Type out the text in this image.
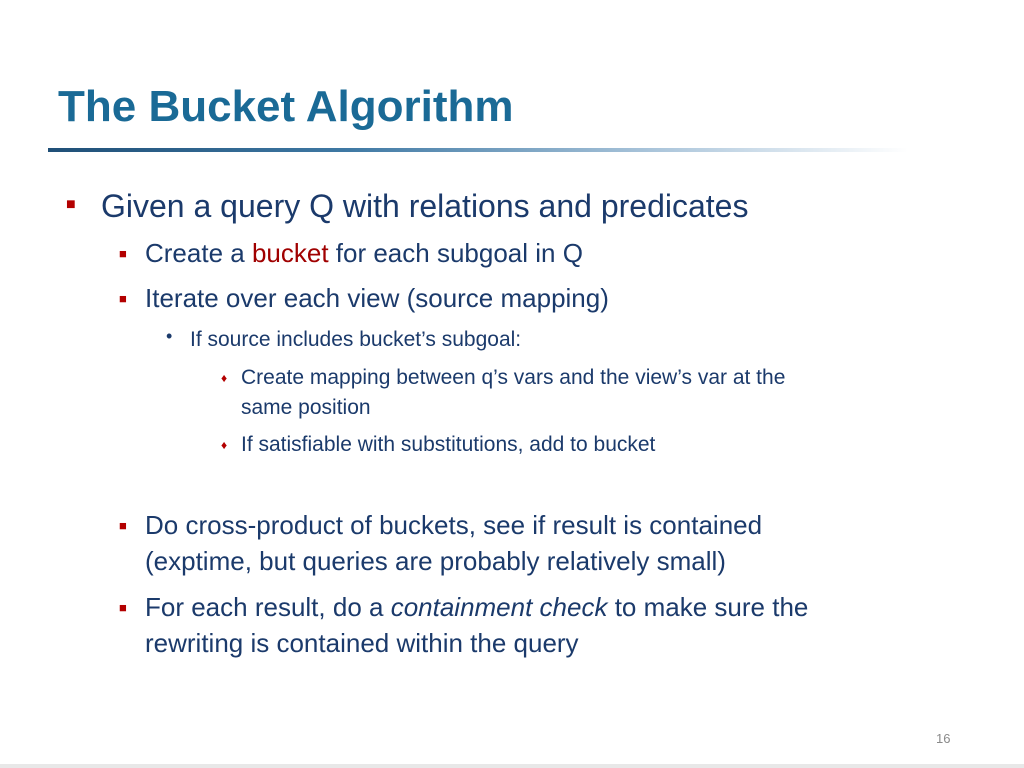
The Bucket Algorithm
■ Given a query Q with relations and predicates
■ Create a bucket for each subgoal in Q
■ Iterate over each view (source mapping)
• If source includes bucket’s subgoal:
♦ Create mapping between q’s vars and the view’s var at the
same position
♦ If satisfiable with substitutions, add to bucket
■ Do cross-product of buckets, see if result is contained
(exptime, but queries are probably relatively small)
■ For each result, do a containment check to make sure the
rewriting is contained within the query
16
